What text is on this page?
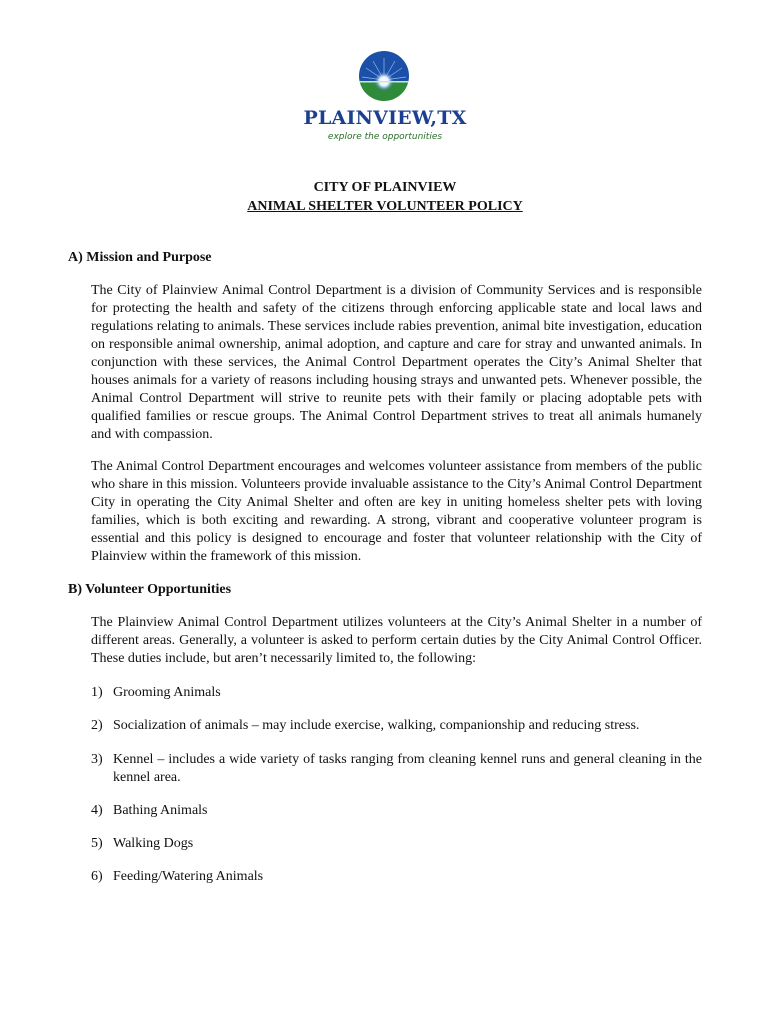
PLAINVIEW,TX
explore the opportunities
CITY OF PLAINVIEW
ANIMAL SHELTER VOLUNTEER POLICY
A) Mission and Purpose

The City of Plainview Animal Control Department is a division of Community Services and is responsible for protecting the health and safety of the citizens through enforcing applicable state and local laws and regulations relating to animals. These services include rabies prevention, animal bite investigation, education on responsible animal ownership, animal adoption, and capture and care for stray and unwanted animals. In conjunction with these services, the Animal Control Department operates the City’s Animal Shelter that houses animals for a variety of reasons including housing strays and unwanted pets. Whenever possible, the Animal Control Department will strive to reunite pets with their family or placing adoptable pets with qualified families or rescue groups. The Animal Control Department strives to treat all animals humanely and with compassion.

The Animal Control Department encourages and welcomes volunteer assistance from members of the public who share in this mission. Volunteers provide invaluable assistance to the City’s Animal Control Department City in operating the City Animal Shelter and often are key in uniting homeless shelter pets with loving families, which is both exciting and rewarding. A strong, vibrant and cooperative volunteer program is essential and this policy is designed to encourage and foster that volunteer relationship with the City of Plainview within the framework of this mission.

B) Volunteer Opportunities

The Plainview Animal Control Department utilizes volunteers at the City’s Animal Shelter in a number of different areas. Generally, a volunteer is asked to perform certain duties by the City Animal Control Officer. These duties include, but aren’t necessarily limited to, the following:

1) Grooming Animals
2) Socialization of animals – may include exercise, walking, companionship and reducing stress.
3) Kennel – includes a wide variety of tasks ranging from cleaning kennel runs and general cleaning in the kennel area.
4) Bathing Animals
5) Walking Dogs
6) Feeding/Watering Animals
